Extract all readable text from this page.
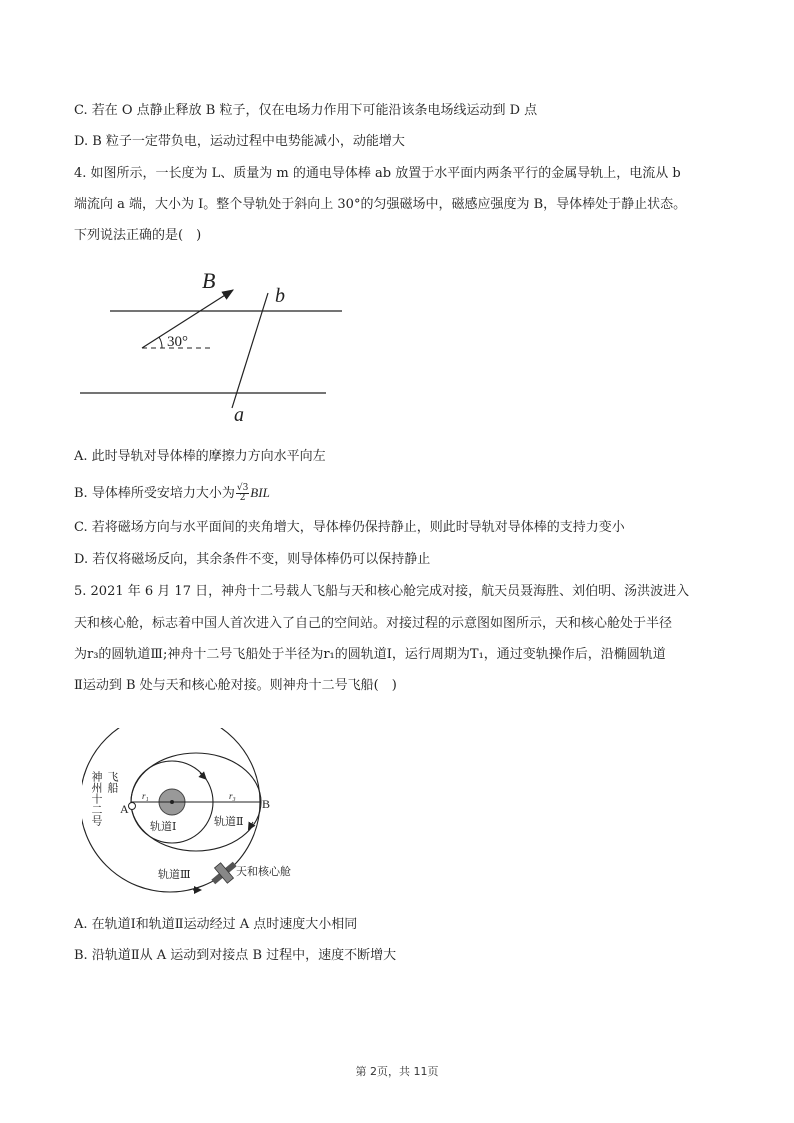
C. 若在 O 点静止释放 B 粒子，仅在电场力作用下可能沿该条电场线运动到 D 点
D. B 粒子一定带负电，运动过程中电势能减小，动能增大
4. 如图所示，一长度为 L、质量为 m 的通电导体棒 ab 放置于水平面内两条平行的金属导轨上，电流从 b
端流向 a 端，大小为 I。整个导轨处于斜向上 30°的匀强磁场中，磁感应强度为 B，导体棒处于静止状态。
下列说法正确的是(　)
B
b
a
30°
A. 此时导轨对导体棒的摩擦力方向水平向左
B. 导体棒所受安培力大小为 $\frac{√3}{2}$ BIL
C. 若将磁场方向与水平面间的夹角增大，导体棒仍保持静止，则此时导轨对导体棒的支持力变小
D. 若仅将磁场反向，其余条件不变，则导体棒仍可以保持静止
5. 2021 年 6 月 17 日，神舟十二号载人飞船与天和核心舱完成对接，航天员聂海胜、刘伯明、汤洪波进入
天和核心舱，标志着中国人首次进入了自己的空间站。对接过程的示意图如图所示，天和核心舱处于半径
为r₃的圆轨道Ⅲ;神舟十二号飞船处于半径为r₁的圆轨道Ⅰ，运行周期为T₁，通过变轨操作后，沿椭圆轨道
Ⅱ运动到 B 处与天和核心舱对接。则神舟十二号飞船(　)
r₁	r₃
A	B
轨道Ⅰ	轨道Ⅱ
轨道Ⅲ	天和核心舱
神州十二号 飞船
A. 在轨道Ⅰ和轨道Ⅱ运动经过 A 点时速度大小相同
B. 沿轨道Ⅱ从 A 运动到对接点 B 过程中，速度不断增大
第 2页，共 11页
